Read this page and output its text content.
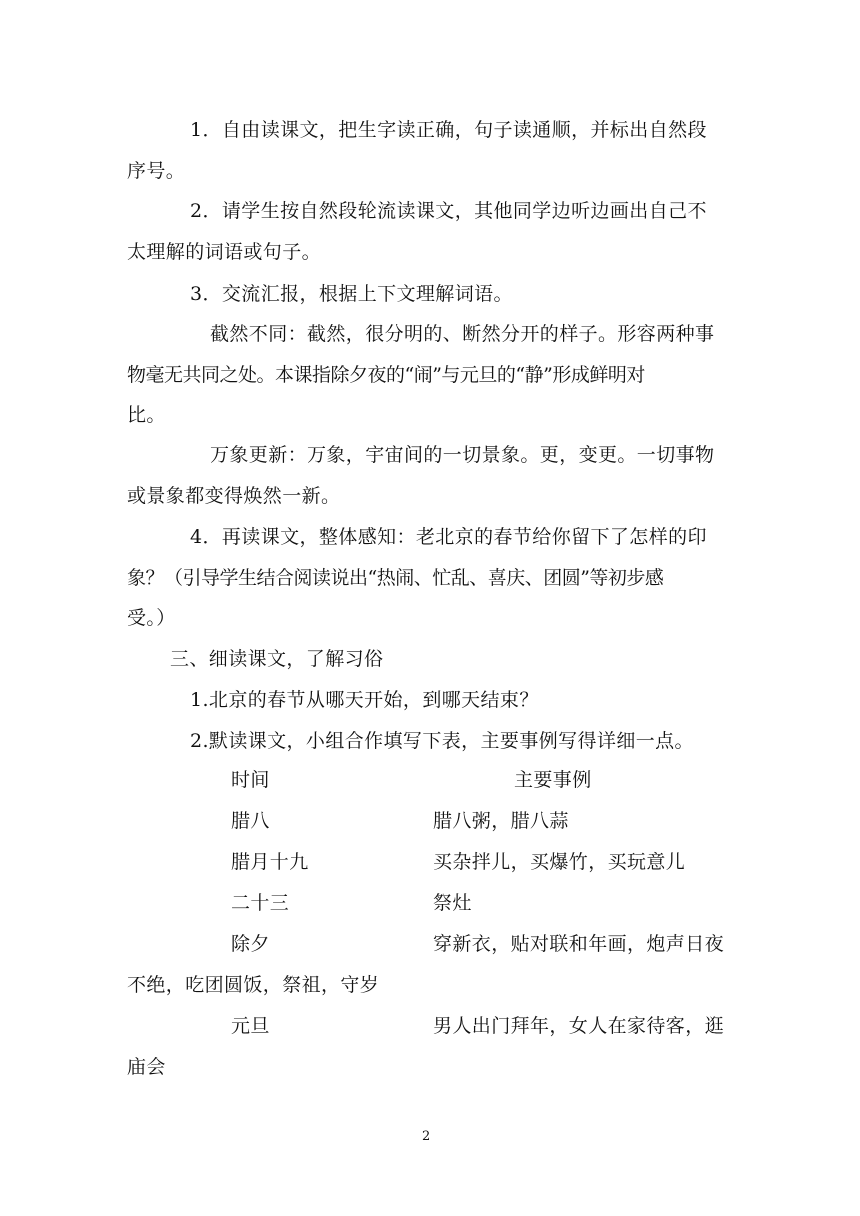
1．自由读课文，把生字读正确，句子读通顺，并标出自然段

序号。

2．请学生按自然段轮流读课文，其他同学边听边画出自己不

太理解的词语或句子。

3．交流汇报，根据上下文理解词语。

截然不同：截然，很分明的、断然分开的样子。形容两种事

物毫无共同之处。本课指除夕夜的“闹”与元旦的“静”形成鲜明对

比。

万象更新：万象，宇宙间的一切景象。更，变更。一切事物

或景象都变得焕然一新。

4．再读课文，整体感知：老北京的春节给你留下了怎样的印

象？（引导学生结合阅读说出“热闹、忙乱、喜庆、团圆”等初步感

受。）

三、细读课文，了解习俗

1.北京的春节从哪天开始，到哪天结束？

2.默读课文，小组合作填写下表，主要事例写得详细一点。

时间	主要事例

腊八	腊八粥，腊八蒜

腊月十九	买杂拌儿，买爆竹，买玩意儿

二十三	祭灶

除夕	穿新衣，贴对联和年画，炮声日夜

不绝，吃团圆饭，祭祖，守岁

元旦	男人出门拜年，女人在家待客，逛

庙会

2
